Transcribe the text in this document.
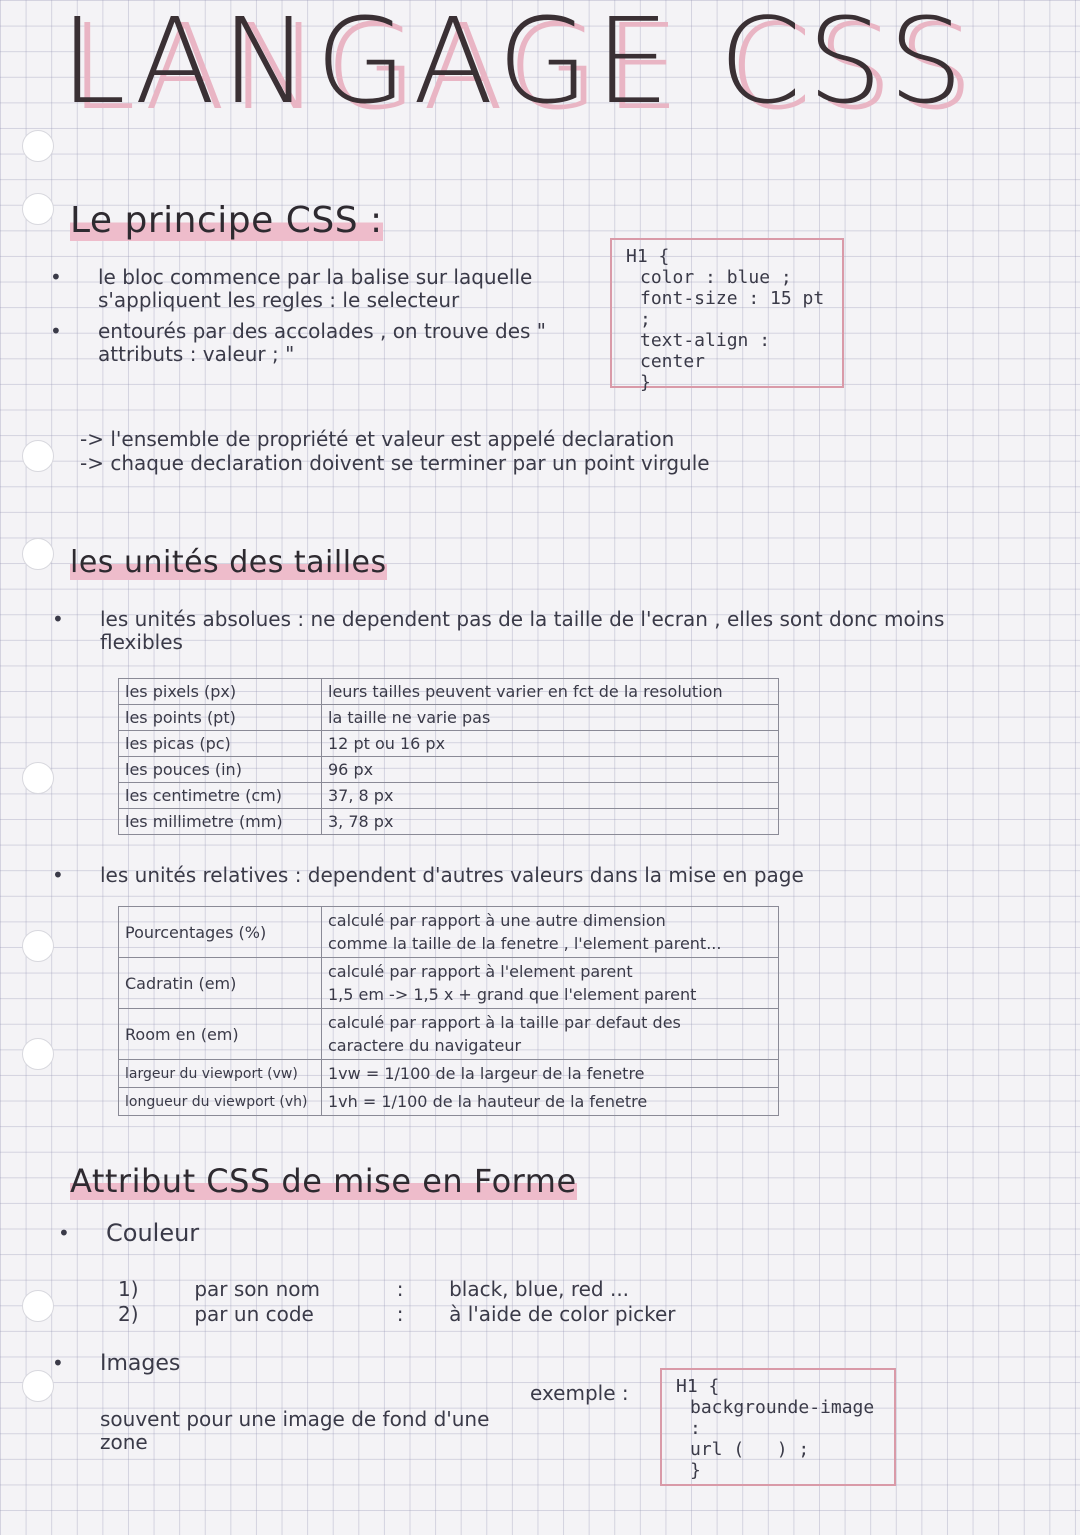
LANGAGE CSS
Le principe CSS :
• le bloc commence par la balise sur laquelle s'appliquent les regles : le selecteur
• entourés par des accolades , on trouve des " attributs : valeur ; "
H1 {
color : blue ;
font-size : 15 pt ;
text-align : center
}
-> l'ensemble de propriété et valeur est appelé declaration
-> chaque declaration doivent se terminer par un point virgule
les unités des tailles
• les unités absolues : ne dependent pas de la taille de l'ecran , elles sont donc moins flexibles
les pixels (px)	leurs tailles peuvent varier en fct de la resolution
les points (pt)	la taille ne varie pas
les picas (pc)	12 pt ou 16 px
les pouces (in)	96 px
les centimetre (cm)	37, 8 px
les millimetre (mm)	3, 78 px
• les unités relatives : dependent d'autres valeurs dans la mise en page
Pourcentages (%)	calculé par rapport à une autre dimension
comme la taille de la fenetre , l'element parent...

Cadratin (em)	calculé par rapport à l'element parent
1,5 em -> 1,5 x + grand que l'element parent

Room en (em)	calculé par rapport à la taille par defaut des
caractere du navigateur

largeur du viewport (vw)	1vw = 1/100 de la largeur de la fenetre
longueur du viewport (vh)	1vh = 1/100 de la hauteur de la fenetre
Attribut CSS de mise en Forme
• Couleur
1)	par son nom	: black, blue, red ...
2)	par un code	: à l'aide de color picker
• Images
souvent pour une image de fond d'une zone
exemple :	H1 {
backgrounde-image :
url (   ) ;
}
